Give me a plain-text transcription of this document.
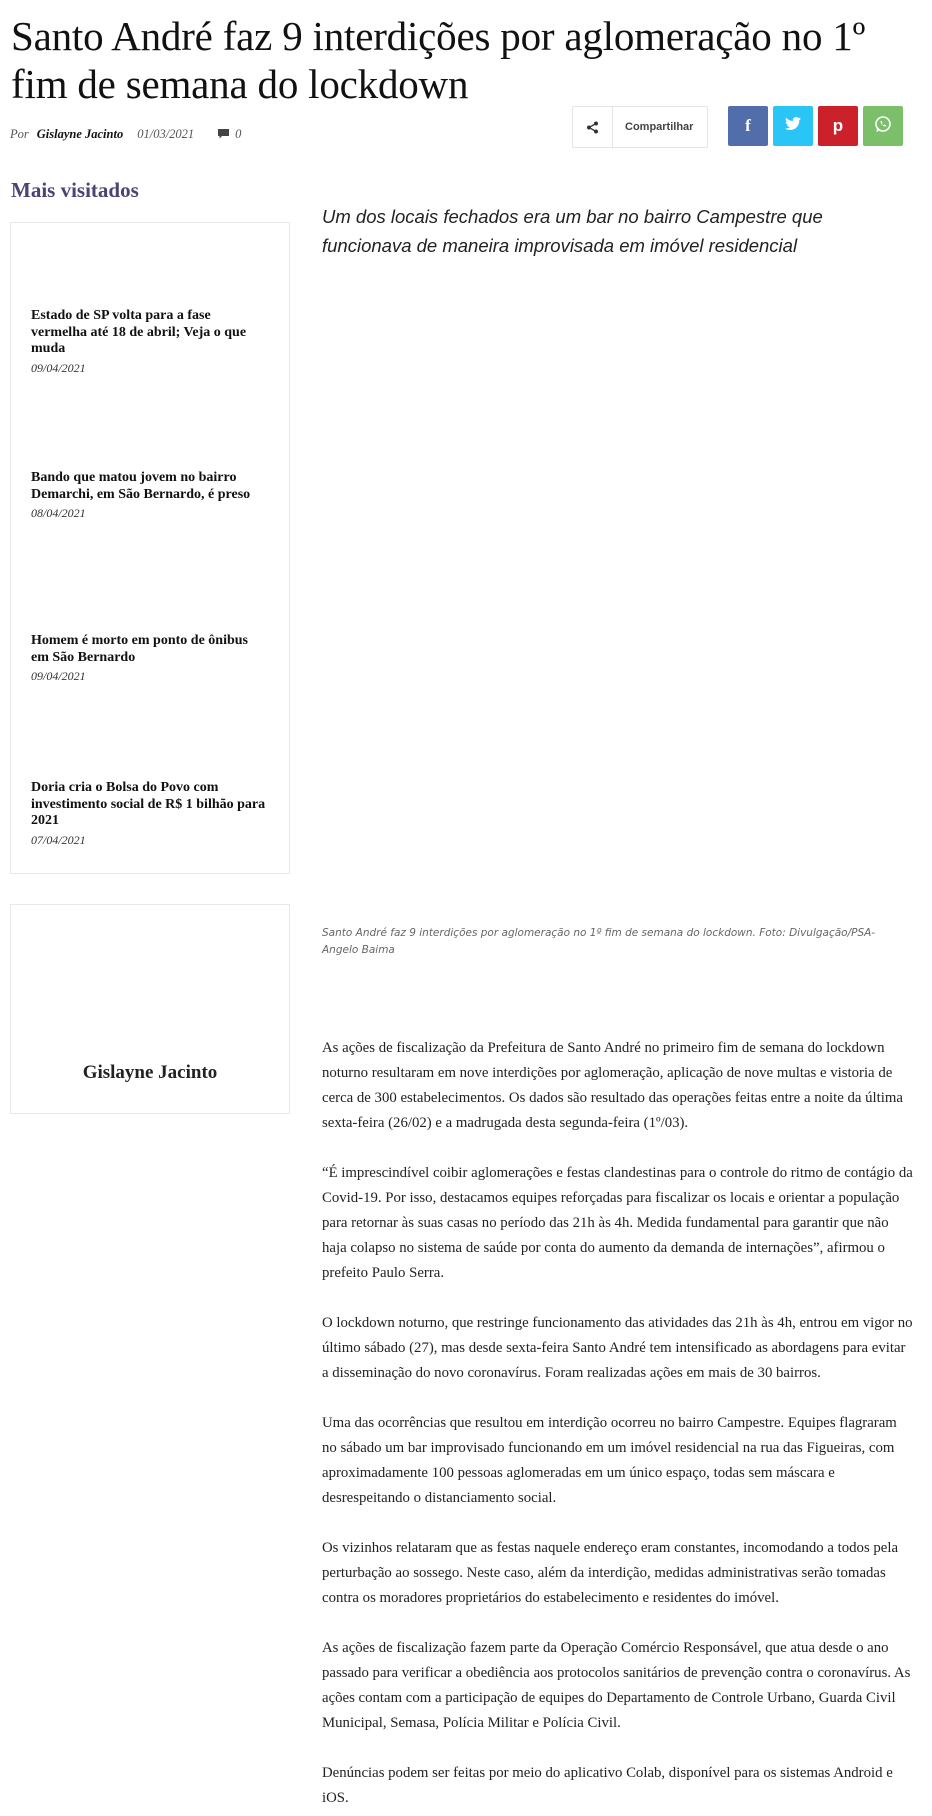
Santo André faz 9 interdições por aglomeração no 1º fim de semana do lockdown
Por Gislayne Jacinto 01/03/2021	0	Compartilhar	f	p
Mais visitados
Estado de SP volta para a fase vermelha até 18 de abril; Veja o que muda
09/04/2021
Bando que matou jovem no bairro Demarchi, em São Bernardo, é preso
08/04/2021
Homem é morto em ponto de ônibus em São Bernardo
09/04/2021
Doria cria o Bolsa do Povo com investimento social de R$ 1 bilhão para 2021
07/04/2021
Gislayne Jacinto

Um dos locais fechados era um bar no bairro Campestre que funcionava de maneira improvisada em imóvel residencial

Santo André faz 9 interdições por aglomeração no 1º fim de semana do lockdown. Foto: Divulgação/PSA-Angelo Baima

As ações de fiscalização da Prefeitura de Santo André no primeiro fim de semana do lockdown noturno resultaram em nove interdições por aglomeração, aplicação de nove multas e vistoria de cerca de 300 estabelecimentos. Os dados são resultado das operações feitas entre a noite da última sexta-feira (26/02) e a madrugada desta segunda-feira (1º/03).

“É imprescindível coibir aglomerações e festas clandestinas para o controle do ritmo de contágio da Covid-19. Por isso, destacamos equipes reforçadas para fiscalizar os locais e orientar a população para retornar às suas casas no período das 21h às 4h. Medida fundamental para garantir que não haja colapso no sistema de saúde por conta do aumento da demanda de internações”, afirmou o prefeito Paulo Serra.

O lockdown noturno, que restringe funcionamento das atividades das 21h às 4h, entrou em vigor no último sábado (27), mas desde sexta-feira Santo André tem intensificado as abordagens para evitar a disseminação do novo coronavírus. Foram realizadas ações em mais de 30 bairros.

Uma das ocorrências que resultou em interdição ocorreu no bairro Campestre. Equipes flagraram no sábado um bar improvisado funcionando em um imóvel residencial na rua das Figueiras, com aproximadamente 100 pessoas aglomeradas em um único espaço, todas sem máscara e desrespeitando o distanciamento social.

Os vizinhos relataram que as festas naquele endereço eram constantes, incomodando a todos pela perturbação ao sossego. Neste caso, além da interdição, medidas administrativas serão tomadas contra os moradores proprietários do estabelecimento e residentes do imóvel.

As ações de fiscalização fazem parte da Operação Comércio Responsável, que atua desde o ano passado para verificar a obediência aos protocolos sanitários de prevenção contra o coronavírus. As ações contam com a participação de equipes do Departamento de Controle Urbano, Guarda Civil Municipal, Semasa, Polícia Militar e Polícia Civil.

Denúncias podem ser feitas por meio do aplicativo Colab, disponível para os sistemas Android e iOS.
